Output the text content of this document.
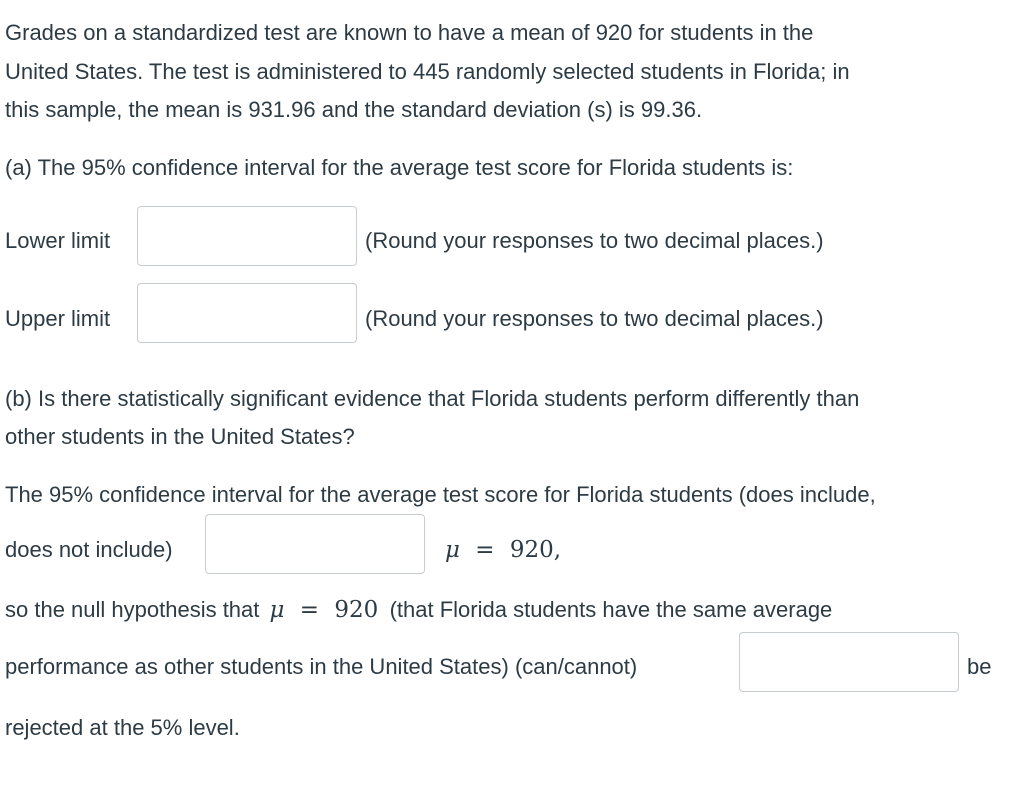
Grades on a standardized test are known to have a mean of 920 for students in the
United States. The test is administered to 445 randomly selected students in Florida; in
this sample, the mean is 931.96 and the standard deviation (s) is 99.36.
(a) The 95% confidence interval for the average test score for Florida students is:
Lower limit	(Round your responses to two decimal places.)
Upper limit	(Round your responses to two decimal places.)
(b) Is there statistically significant evidence that Florida students perform differently than
other students in the United States?
The 95% confidence interval for the average test score for Florida students (does include,
does not include)	μ = 920,
so the null hypothesis that μ = 920 (that Florida students have the same average
performance as other students in the United States) (can/cannot)	be
rejected at the 5% level.
